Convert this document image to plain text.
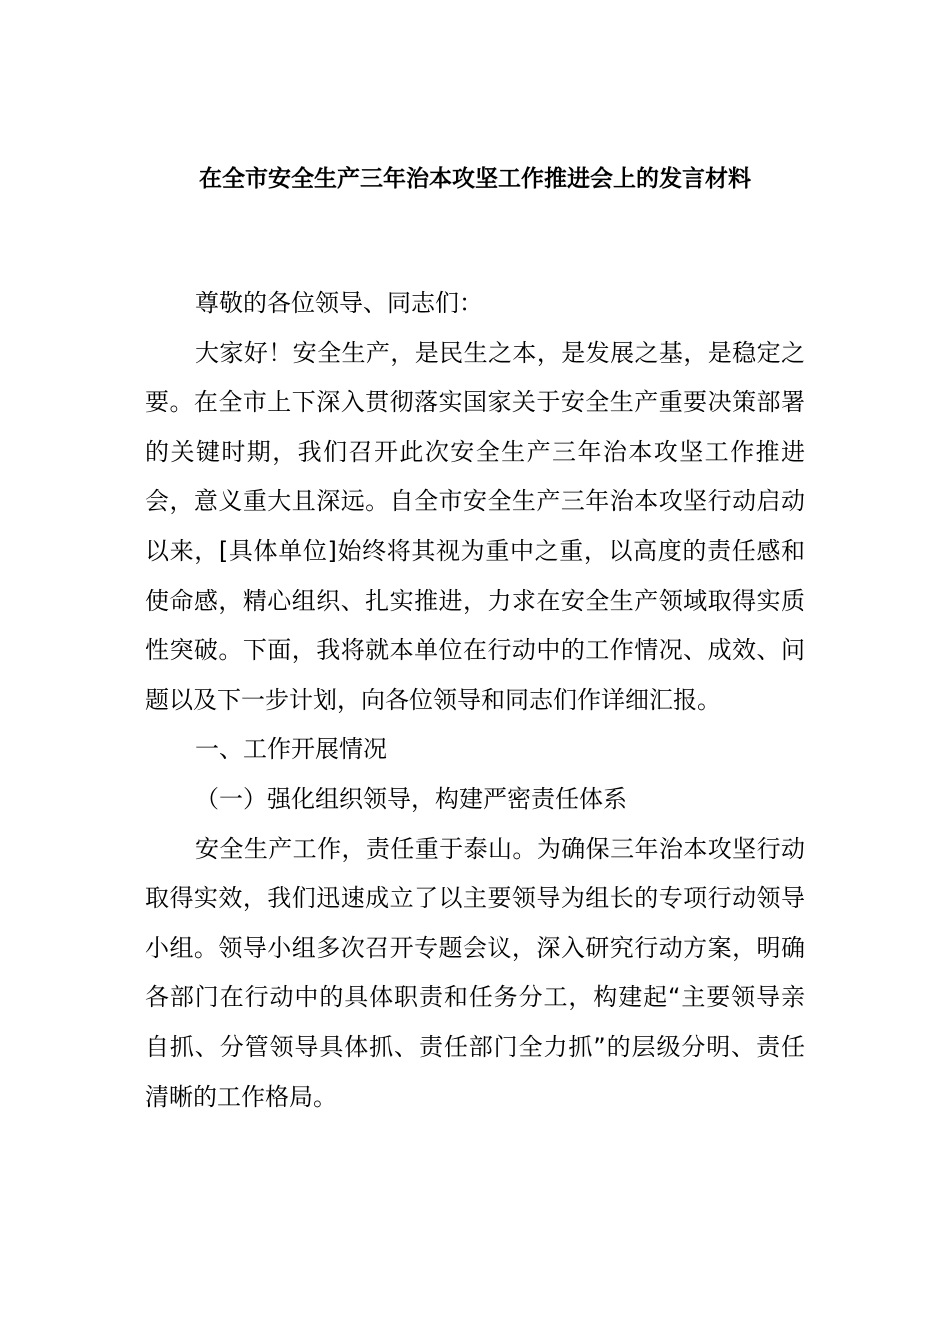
在全市安全生产三年治本攻坚工作推进会上的发言材料

尊敬的各位领导、同志们：

大家好！安全生产，是民生之本，是发展之基，是稳定之要。在全市上下深入贯彻落实国家关于安全生产重要决策部署的关键时期，我们召开此次安全生产三年治本攻坚工作推进会，意义重大且深远。自全市安全生产三年治本攻坚行动启动以来，[具体单位]始终将其视为重中之重，以高度的责任感和使命感，精心组织、扎实推进，力求在安全生产领域取得实质性突破。下面，我将就本单位在行动中的工作情况、成效、问题以及下一步计划，向各位领导和同志们作详细汇报。

一、工作开展情况

（一）强化组织领导，构建严密责任体系

安全生产工作，责任重于泰山。为确保三年治本攻坚行动取得实效，我们迅速成立了以主要领导为组长的专项行动领导小组。领导小组多次召开专题会议，深入研究行动方案，明确各部门在行动中的具体职责和任务分工，构建起“主要领导亲自抓、分管领导具体抓、责任部门全力抓”的层级分明、责任清晰的工作格局。
